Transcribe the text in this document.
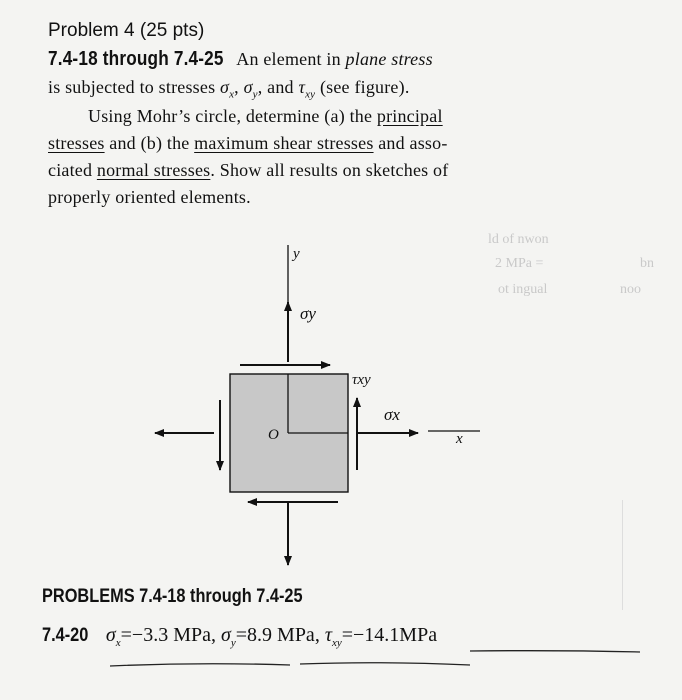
Problem 4 (25 pts)
7.4-18 through 7.4-25 An element in plane stress
is subjected to stresses $\sigma_x$, $\sigma_y$, and $\tau_{xy}$ (see figure).
Using Mohr’s circle, determine (a) the principal
stresses and (b) the maximum shear stresses and asso-
ciated normal stresses. Show all results on sketches of
properly oriented elements.
ld of nwon
2 MPa =	bn
ot ingual	noo
y
σy
τxy
σx
O	x
PROBLEMS 7.4-18 through 7.4-25
7.4-20 $\sigma_x=-3.3$ MPa, $\sigma_y=8.9$ MPa, $\tau_{xy}=-14.1MPa$
